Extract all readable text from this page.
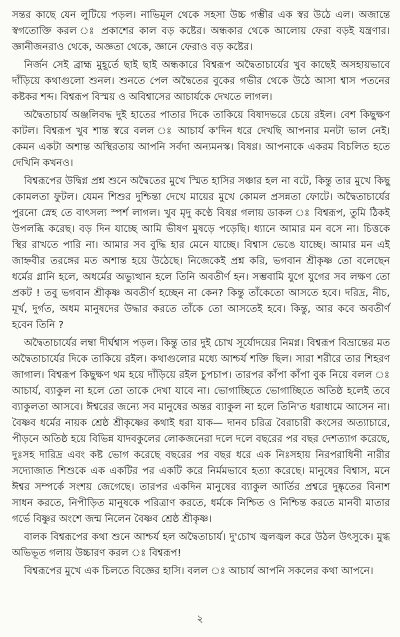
সন্তর কাছে যেন লুটিয়ে পড়ল। নাভিমূল থেকে সহসা উচ্চ গম্ভীর এক স্বর উঠে এল। অজান্তে স্বগতোক্তি করল ঃ প্রকাশের কাল বড় কষ্টের। অন্ধকার থেকে আলোয় ফেরা বড়ই যন্ত্রণার। জ্ঞানীজনরাও থেকে, অজ্ঞতা থেকে, জ্ঞানে ফেরাও বড় কষ্টের।

নির্জন সেই ব্রাহ্ম মুহূর্তে ছাই ছাই অন্ধকারে বিশ্বরূপ অদ্বৈতাচার্যের খুব কাছেই অসহায়ভাবে দাঁড়িয়ে কথাগুলো শুনল। শুনতে পেল অদ্বৈতের বুকের গভীর থেকে উঠে আসা শ্বাস পতনের কষ্টকর শব্দ। বিশ্বরূপ বিস্ময় ও অবিশ্বাসের আচার্যকে দেখতে লাগল।

অদ্বৈতাচার্য অঞ্জলিবদ্ধ দুই হাতের পাতার দিকে তাকিয়ে বিষাদভরে চেয়ে রইল। বেশ কিছুক্ষণ কাটল। বিশ্বরূপ খুব শান্ত স্বরে বলল ঃ আচার্য ক'দিন ধরে দেখছি আপনার মনটা ভাল নেই। কেমন একটা অশান্ত অস্থিরতায় আপনি সর্বদা অন্যমনস্ক। বিষণ্ণ। আপনাকে একরম বিচলিত হতে দেখিনি কখনও।

বিশ্বরূপের উদ্বিগ্ন প্রশ্ন শুনে অদ্বৈতের মুখে স্মিত হাসির সঞ্চার হল না বটে, কিন্তু তার মুখে কিছু কোমলতা ফুটল। যেমন শিশুর দুশ্চিন্তা দেখে মায়ের মুখে কোমল প্রসন্নতা ফোটে। অদ্বৈতাচার্যের পুরনো স্নেহ তে বাৎসল্য স্পর্শ লাগল। খুব মৃদু কণ্ঠে বিষণ্ণ গলায় ডাকল ঃ বিশ্বরূপ, তুমি ঠিকই উপলব্ধি করেছ। বড় দিন যাচ্ছে আমি ভীষণ মুষড়ে পড়েছি। ধ্যানে আমার মন বসে না। চিত্তকে স্থির রাখতে পারি না। আমার সব বুদ্ধি হার মেনে যাচ্ছে। বিশ্বাস ভেঙে যাচ্ছে। আমার মন এই জাহ্নবীর তরঙ্গের মত অশান্ত হয়ে উঠেছে। নিজেকেই প্রশ্ন করি, ভগবান শ্রীকৃষ্ণ তো বলেছেন ধর্মের গ্লানি হলে, অধর্মের অভ্যুত্থান হলে তিনি অবতীর্ণ হন। সম্ভবামি যুগে যুগের সব লক্ষণ তো প্রকট ! তবু ভগবান শ্রীকৃষ্ণ অবতীর্ণ হচ্ছেন না কেন? কিন্তু তাঁকেতো আসতে হবে। দরিদ্র, নীচ, মূর্খ, দুর্গত, অধম মানুষদের উদ্ধার করতে তাঁকে তো আসতেই হবে। কিন্তু, আর কবে অবতীর্ণ হবেন তিনি ?

অদ্বৈতাচার্যের লম্বা দীর্ঘশ্বাস পড়ল। কিন্তু তার দুই চোখ সূর্যোদয়ের নিমগ্ন। বিশ্বরূপ বিভ্রান্তের মত অদ্বৈতাচার্যের দিকে তাকিয়ে রইল। কথাগুলোর মধ্যে আশ্চর্য শক্তি ছিল। সারা শরীরে তার শিহরণ জাগাল। বিশ্বরূপ কিছুক্ষণ থম হয়ে দাঁড়িয়ে রইল চুপচাপ। তারপর কাঁপা কাঁপা বুক নিয়ে বলল ঃ আচার্য, ব্যাকুল না হলে তো তাকে দেখা যাবে না। ভোগাচ্ছিতে ভোগাচ্ছিতে অতিষ্ঠ হলেই তবে ব্যাকুলতা আসবে। ঈশ্বরের জন্যে সব মানুষের অন্তর ব্যাকুল না হলে তিনি'ত ধরাধামে আসেন না। বৈষ্ণব ধর্মের নায়ক শ্রেষ্ঠ শ্রীকৃষ্ণের কথাই ধরা যাক— দানব চরিত্র বৈরাচারী কংসের অত্যাচারে, পীড়নে অতিষ্ঠ হয়ে বিভিন্ন যাদবকুলের লোকজনেরা দলে দলে বছরের পর বছর দেশত্যাগ করেছে, দুঃসহ দারিদ্র এবং কষ্ট ভোগ করেছে বছরের পর বছর ধরে এক নিঃসহায় নিরপরাধিনী নারীর সদ্যোজাত শিশুকে এক একটির পর একটি করে নির্মমভাবে হত্যা করেছে। মানুষের বিশ্বাস, মনে ঈশ্বর সম্পর্কে সংশয় জেগেছে। তারপর একদিন মানুষের ব্যাকুল আর্তির প্রশ্বরে দুষ্কৃতের বিনাশ সাধন করতে, নিপীড়িত মানুষকে পরিত্রাণ করতে, ধর্মকে নিশ্চিত ও নিশ্চিন্ত করতে মানবী মাতার গর্ভে বিষ্ণুর অংশে জন্ম নিলেন বৈষ্ণব শ্রেষ্ঠ শ্রীকৃষ্ণ।

বালক বিশ্বরূপের কথা শুনে আশ্চর্য হল অদ্বৈতাচার্য। দু'চোখ জ্বলজ্বল করে উঠল উৎসুকে। মুগ্ধ অভিভূত গলায় উচ্চারণ করল ঃ বিশ্বরূপ!

বিশ্বরূপের মুখে এক চিলতে বিজ্ঞের হাসি। বলল ঃ আচার্য আপনি সকলের কথা আপনে।

২
